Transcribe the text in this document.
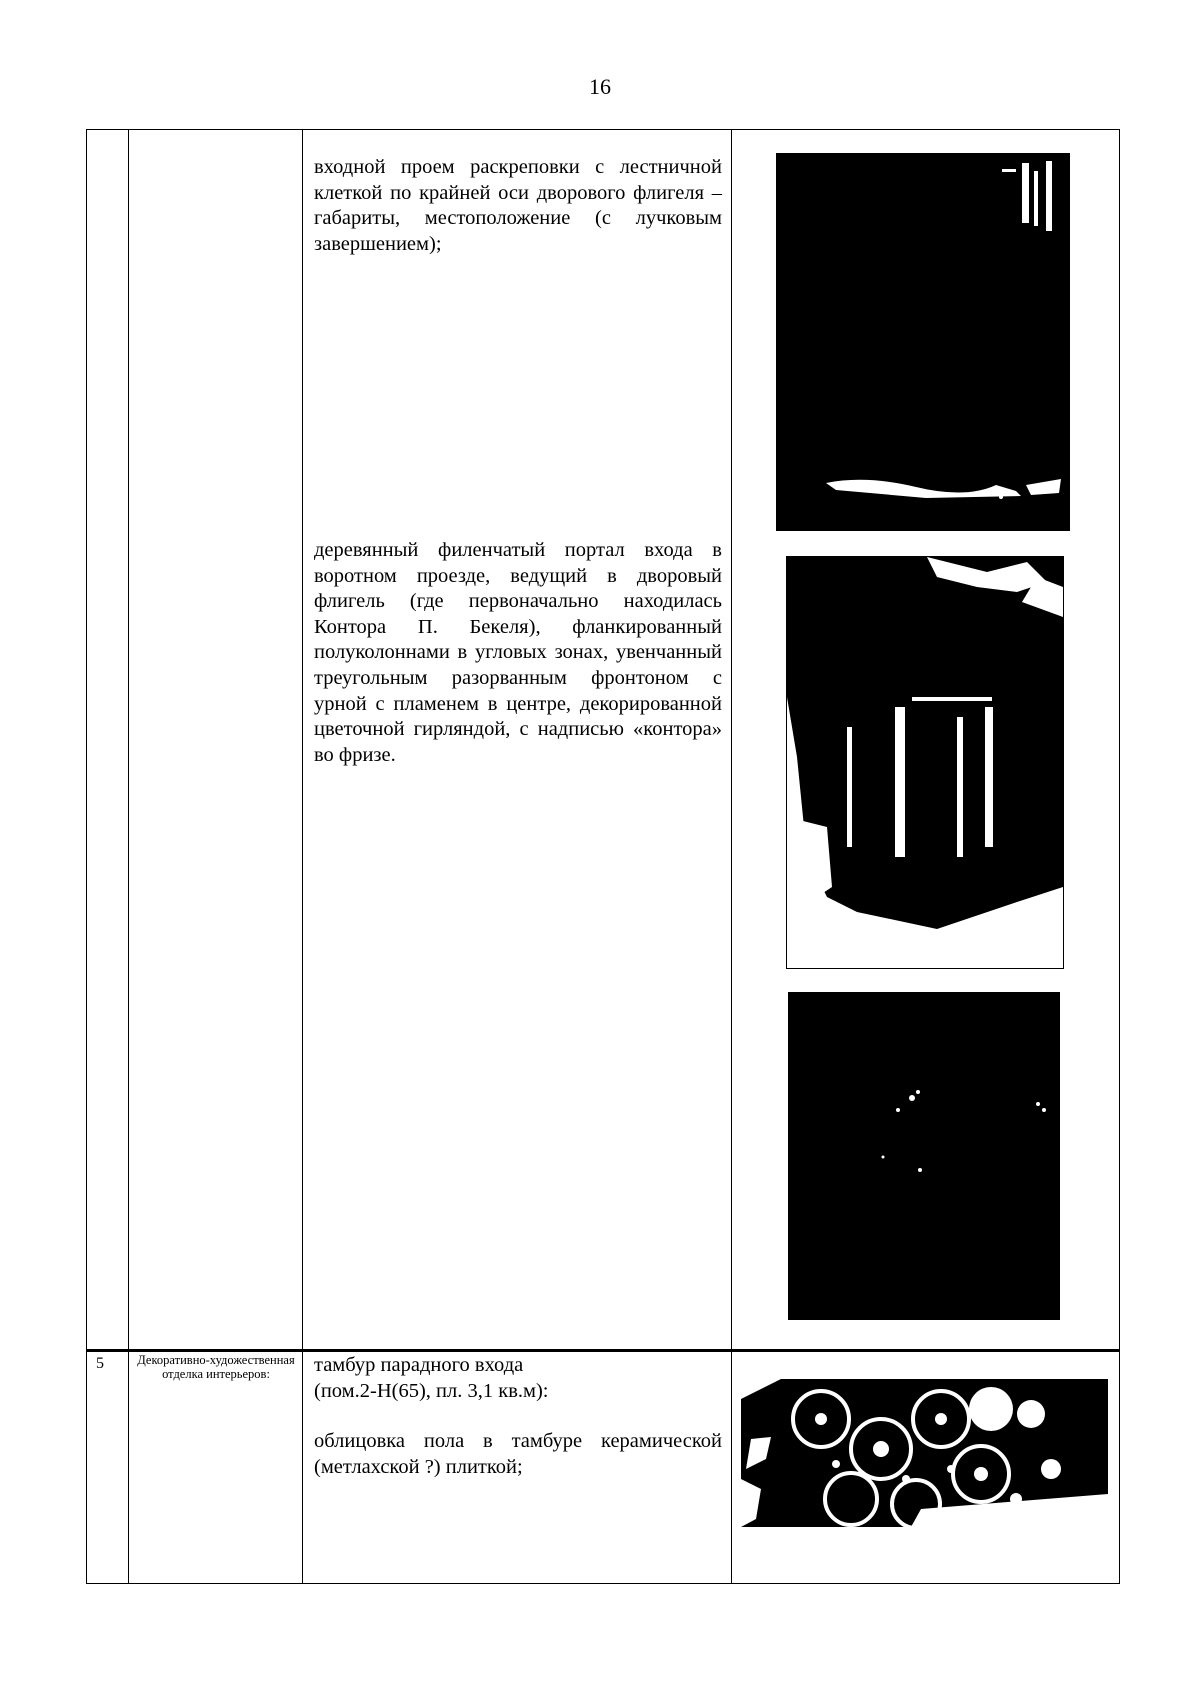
16
входной проем раскреповки с лестничной клеткой по крайней оси дворового флигеля – габариты, местоположение (с лучковым завершением);
деревянный филенчатый портал входа в воротном проезде, ведущий в дворовый флигель (где первоначально находилась Контора П. Бекеля), фланкированный полуколоннами в угловых зонах, увенчанный треугольным разорванным фронтоном с урной с пламенем в центре, декорированной цветочной гирляндой, с надписью «контора» во фризе.
5	Декоративно-художественная отделка интерьеров:	тамбур парадного входа
(пом.2-Н(65), пл. 3,1 кв.м):
облицовка пола в тамбуре керамической (метлахской ?) плиткой;
